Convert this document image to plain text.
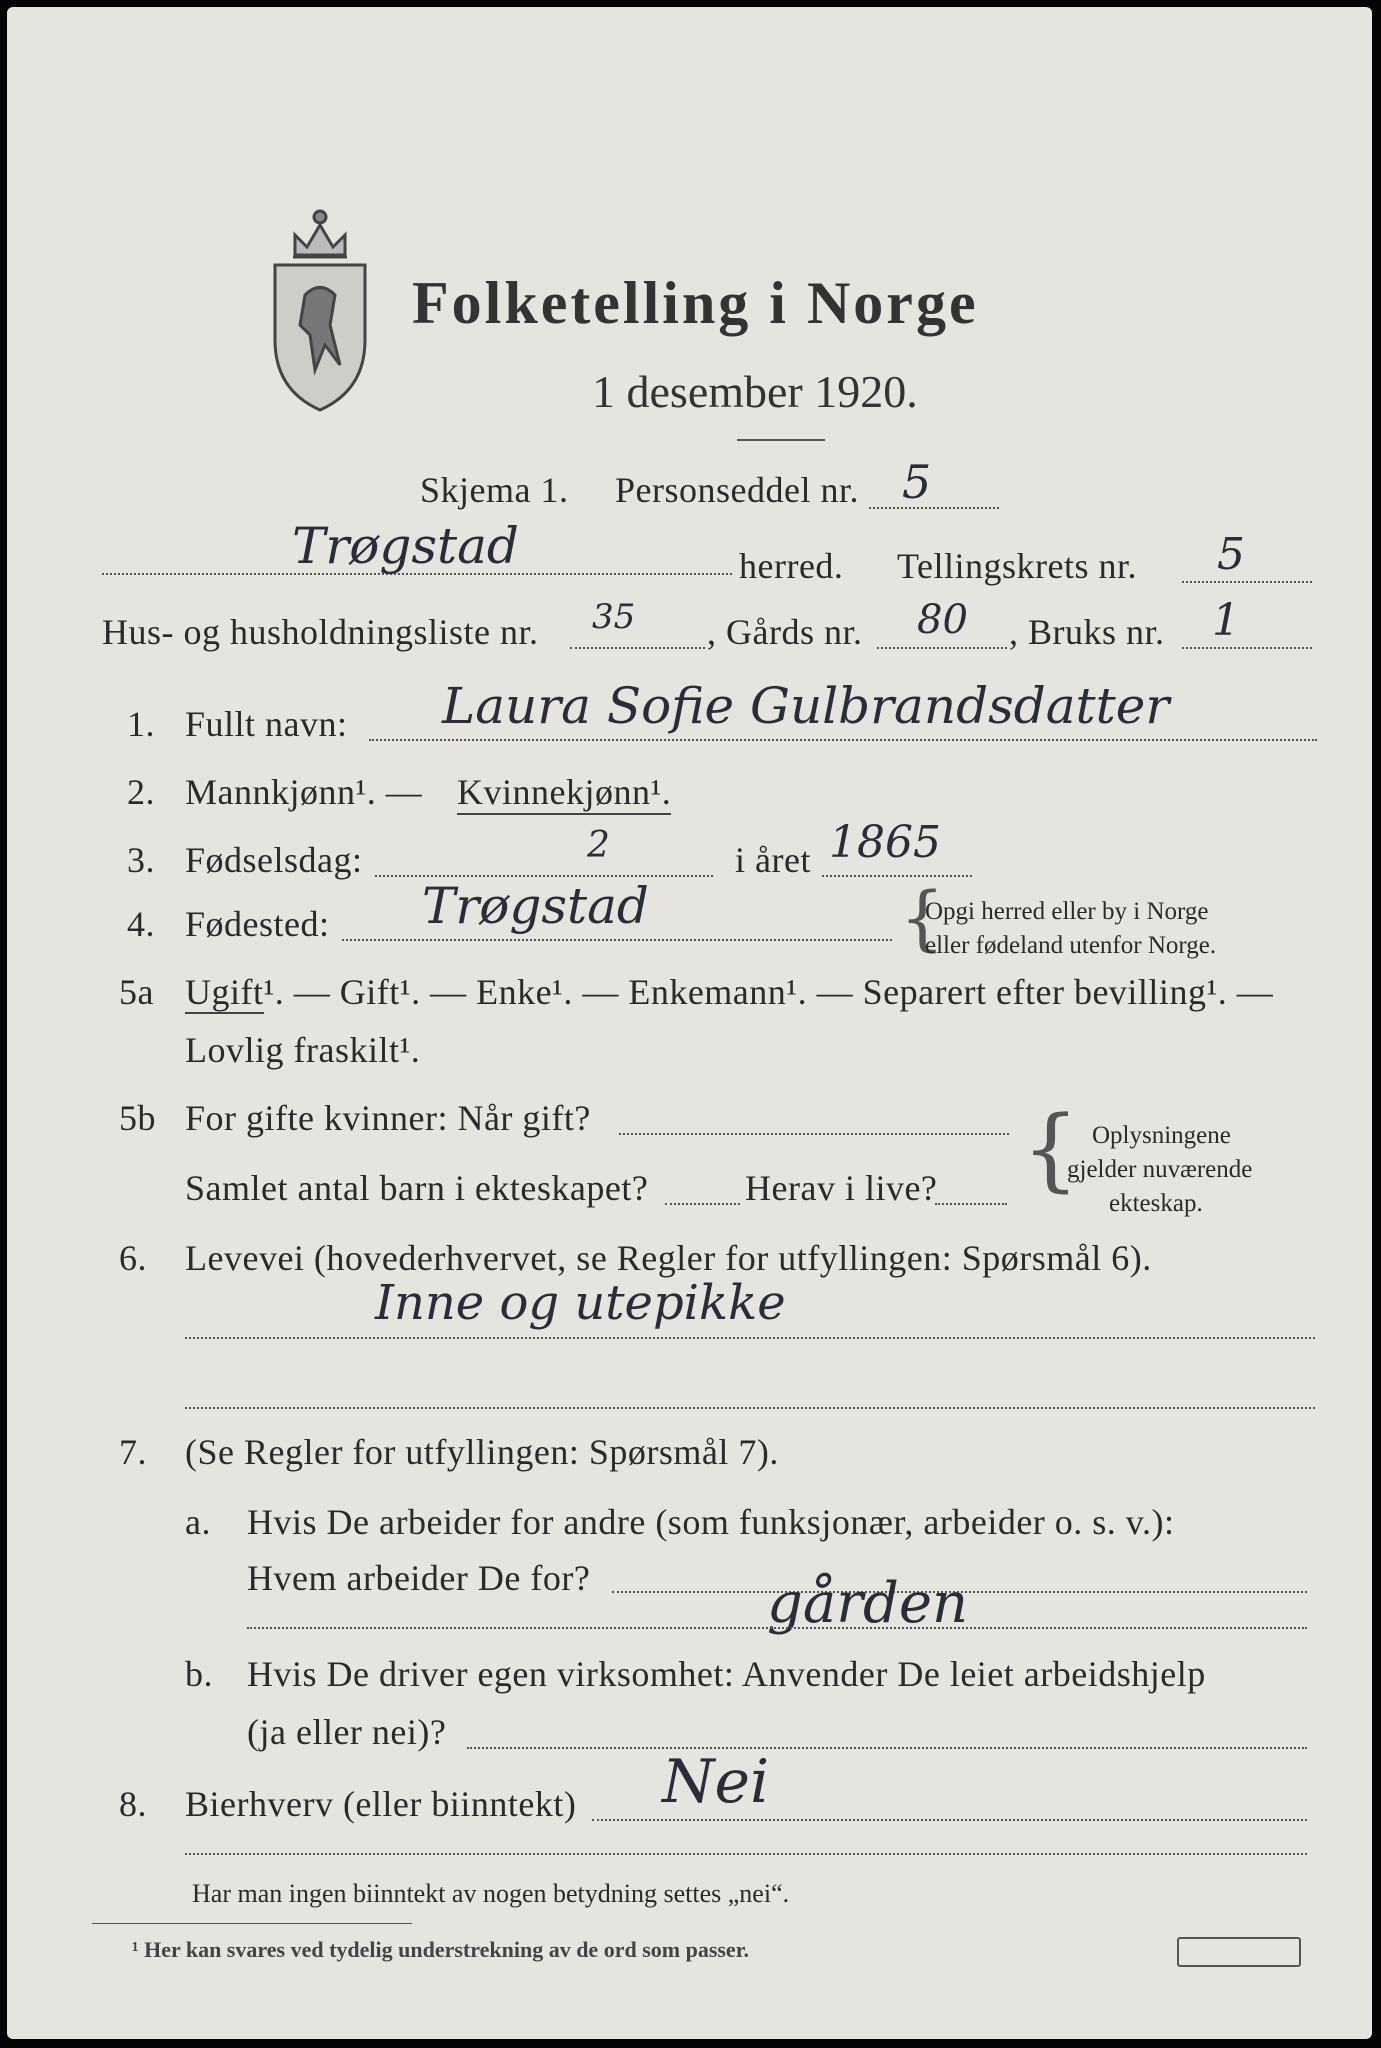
Folketelling i Norge
1 desember 1920.
Skjema 1. Personseddel nr. 5
Trøgstad	herred. Tellingskrets nr. 5
Hus- og husholdningsliste nr. 35 , Gårds nr. 80 , Bruks nr. 1
1. Fullt navn: Laura Sofie Gulbrandsdatter
2. Mannkjønn¹. — Kvinnekjønn¹.
3. Fødselsdag:	2	i året 1865
4. Fødested: Trøgstad	{
Opgi herred eller by i Norge
eller fødeland utenfor Norge.
5a Ugift¹. — Gift¹. — Enke¹. — Enkemann¹. — Separert efter bevilling¹. —
Lovlig fraskilt¹.
5b For gifte kvinner: Når gift?
Samlet antal barn i ekteskapet?	Herav i live? { Oplysningene
gjelder nuværende
ekteskap.
6. Levevei (hovederhvervet, se Regler for utfyllingen: Spørsmål 6).
Inne og utepikke
7. (Se Regler for utfyllingen: Spørsmål 7).
a. Hvis De arbeider for andre (som funksjonær, arbeider o. s. v.):
Hvem arbeider De for?	gården
b. Hvis De driver egen virksomhet: Anvender De leiet arbeidshjelp
(ja eller nei)?
8. Bierhverv (eller biinntekt) Nei
Har man ingen biinntekt av nogen betydning settes „nei“.
¹ Her kan svares ved tydelig understrekning av de ord som passer.
